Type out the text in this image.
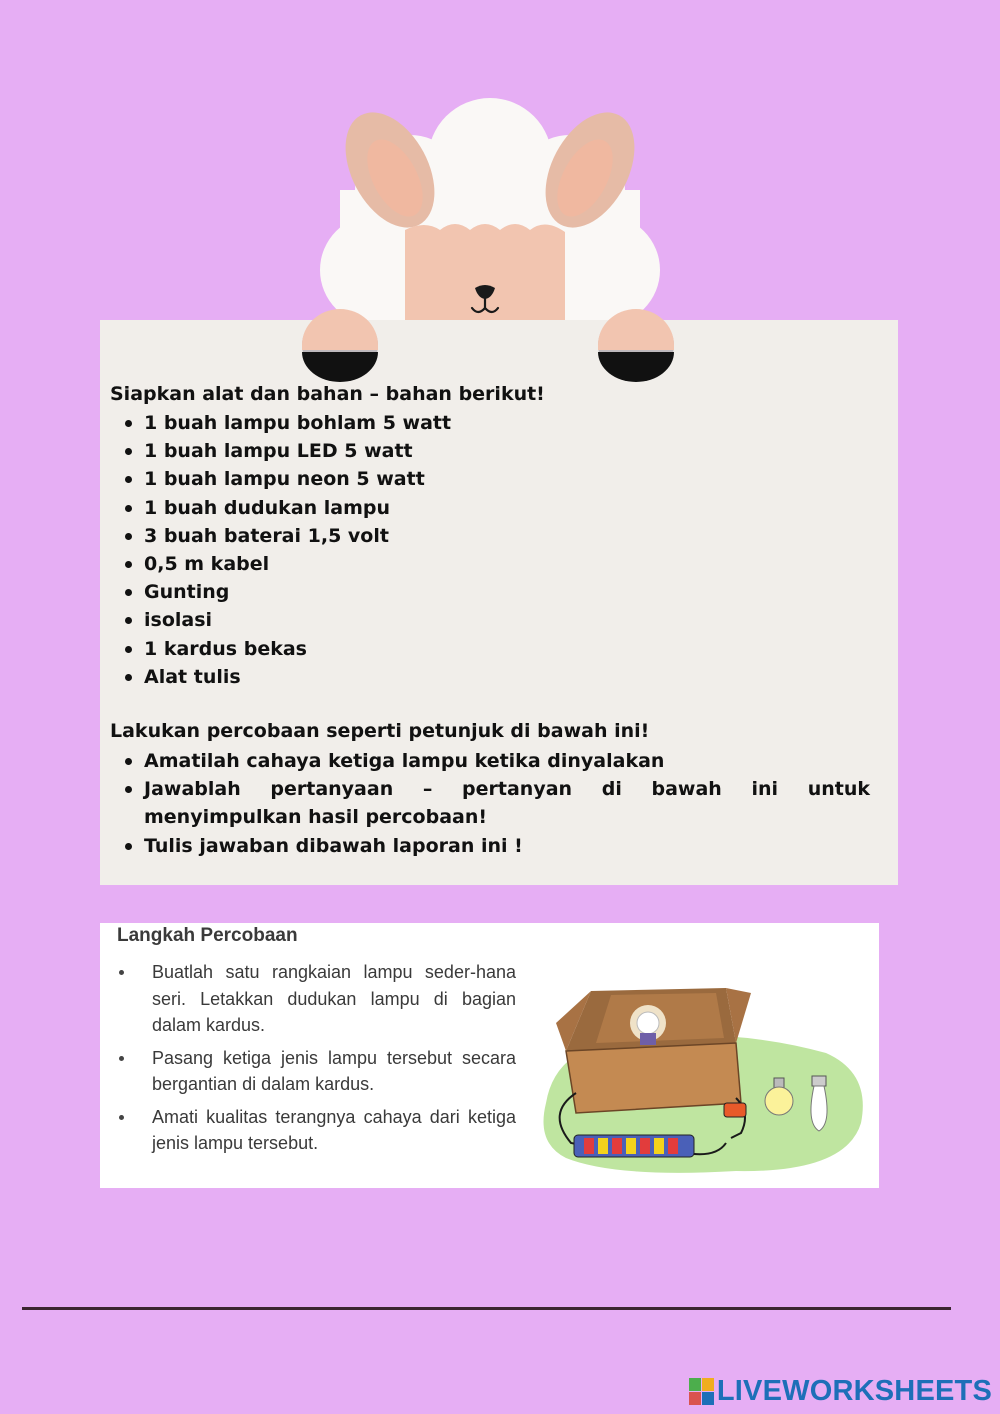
Siapkan alat dan bahan – bahan berikut!

1 buah lampu bohlam 5 watt
1 buah lampu LED 5 watt
1 buah lampu neon 5 watt
1 buah dudukan lampu
3 buah baterai 1,5 volt
0,5 m kabel
Gunting
isolasi
1 kardus bekas
Alat tulis

Lakukan percobaan seperti petunjuk di bawah ini!

Amatilah cahaya ketiga lampu ketika dinyalakan
Jawablah pertanyaan – pertanyan di bawah ini untuk menyimpulkan hasil percobaan!
Tulis jawaban dibawah laporan ini !
Langkah Percobaan
Buatlah satu rangkaian lampu seder-hana seri. Letakkan dudukan lampu di bagian dalam kardus.
Pasang ketiga jenis lampu tersebut secara bergantian di dalam kardus.
Amati kualitas terangnya cahaya dari ketiga jenis lampu tersebut.
LIVEWORKSHEETS
